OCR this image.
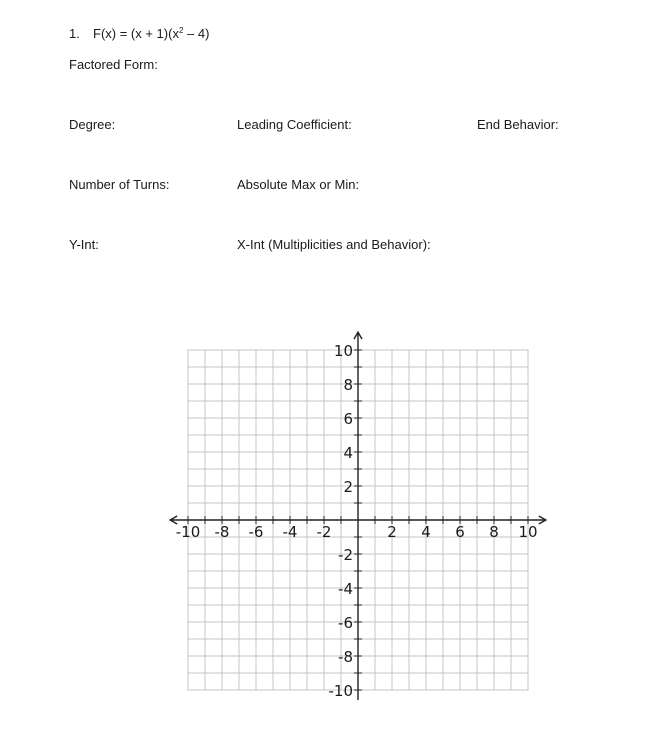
1. $F(x) = (x + 1)(x^2 - 4)$
Factored Form:
Degree:	Leading Coefficient:	End Behavior:
Number of Turns:	Absolute Max or Min:
Y-Int:	X-Int (Multiplicities and Behavior):
-10 -8 -6 -4 -2	2 4 6 8 10
10
8
6
4
2
-2
-4
-6
-8
-10
